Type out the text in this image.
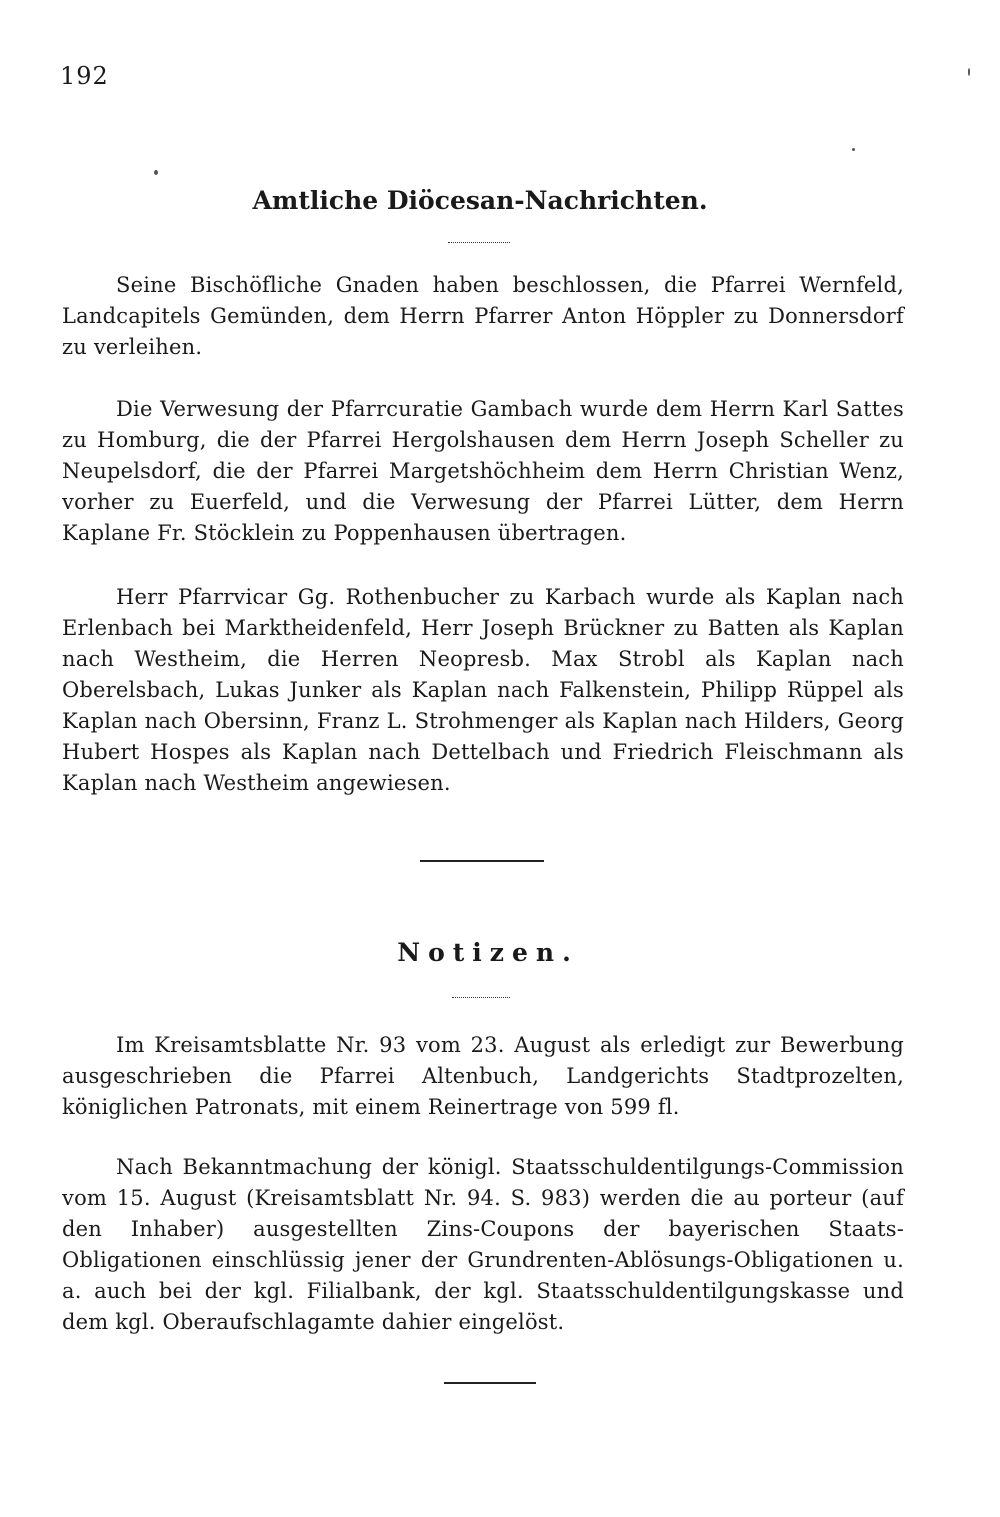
192
Amtliche Diöcesan-Nachrichten.

Seine Bischöfliche Gnaden haben beschlossen, die Pfarrei Wernfeld, Landcapitels Gemünden, dem Herrn Pfarrer Anton Höppler zu Donnersdorf zu verleihen.

Die Verwesung der Pfarrcuratie Gambach wurde dem Herrn Karl Sattes zu Homburg, die der Pfarrei Hergolshausen dem Herrn Joseph Scheller zu Neupelsdorf, die der Pfarrei Margetshöchheim dem Herrn Christian Wenz, vorher zu Euerfeld, und die Verwesung der Pfarrei Lütter, dem Herrn Kaplane Fr. Stöcklein zu Poppenhausen übertragen.

Herr Pfarrvicar Gg. Rothenbucher zu Karbach wurde als Kaplan nach Erlenbach bei Marktheidenfeld, Herr Joseph Brückner zu Batten als Kaplan nach Westheim, die Herren Neopresb. Max Strobl als Kaplan nach Oberelsbach, Lukas Junker als Kaplan nach Falkenstein, Philipp Rüppel als Kaplan nach Obersinn, Franz L. Strohmenger als Kaplan nach Hilders, Georg Hubert Hospes als Kaplan nach Dettelbach und Friedrich Fleischmann als Kaplan nach Westheim angewiesen.

Notizen.

Im Kreisamtsblatte Nr. 93 vom 23. August als erledigt zur Bewerbung ausgeschrieben die Pfarrei Altenbuch, Landgerichts Stadtprozelten, königlichen Patronats, mit einem Reinertrage von 599 fl.

Nach Bekanntmachung der königl. Staatsschuldentilgungs-Commission vom 15. August (Kreisamtsblatt Nr. 94. S. 983) werden die au porteur (auf den Inhaber) ausgestellten Zins-Coupons der bayerischen Staats-Obligationen einschlüssig jener der Grundrenten-Ablösungs-Obligationen u. a. auch bei der kgl. Filialbank, der kgl. Staatsschuldentilgungskasse und dem kgl. Oberaufschlagamte dahier eingelöst.
